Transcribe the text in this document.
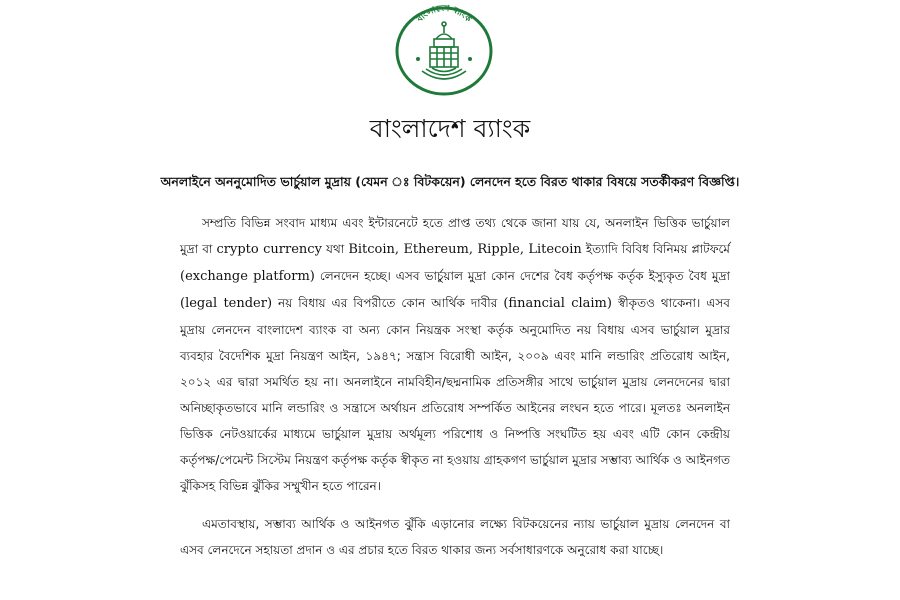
বাংলাদেশ ব্যাংক
বাংলাদেশ ব্যাংক

অনলাইনে অননুমোদিত ভার্চুয়াল মুদ্রায় (যেমন ঃ বিটকয়েন) লেনদেন হতে বিরত থাকার বিষয়ে সতর্কীকরণ বিজ্ঞপ্তি।

সম্প্রতি বিভিন্ন সংবাদ মাধ্যম এবং ইন্টারনেটে হতে প্রাপ্ত তথ্য থেকে জানা যায় যে, অনলাইন ভিত্তিক ভার্চুয়াল মুদ্রা বা crypto currency যথা Bitcoin, Ethereum, Ripple, Litecoin ইত্যাদি বিবিধ বিনিময় প্লাটফর্মে (exchange platform) লেনদেন হচ্ছে। এসব ভার্চুয়াল মুদ্রা কোন দেশের বৈধ কর্তৃপক্ষ কর্তৃক ইস্যুকৃত বৈধ মুদ্রা (legal tender) নয় বিধায় এর বিপরীতে কোন আর্থিক দাবীর (financial claim) স্বীকৃতও থাকেনা। এসব মুদ্রায় লেনদেন বাংলাদেশ ব্যাংক বা অন্য কোন নিয়ন্ত্রক সংস্থা কর্তৃক অনুমোদিত নয় বিধায় এসব ভার্চুয়াল মুদ্রার ব্যবহার বৈদেশিক মুদ্রা নিয়ন্ত্রণ আইন, ১৯৪৭; সন্ত্রাস বিরোধী আইন, ২০০৯ এবং মানি লন্ডারিং প্রতিরোধ আইন, ২০১২ এর দ্বারা সমর্থিত হয় না। অনলাইনে নামবিহীন/ছদ্মনামিক প্রতিসঙ্গীর সাথে ভার্চুয়াল মুদ্রায় লেনদেনের দ্বারা অনিচ্ছাকৃতভাবে মানি লন্ডারিং ও সন্ত্রাসে অর্থায়ন প্রতিরোধ সম্পর্কিত আইনের লংঘন হতে পারে। মূলতঃ অনলাইন ভিত্তিক নেটওয়ার্কের মাধ্যমে ভার্চুয়াল মুদ্রায় অর্থমূল্য পরিশোধ ও নিষ্পত্তি সংঘটিত হয় এবং এটি কোন কেন্দ্রীয় কর্তৃপক্ষ/পেমেন্ট সিস্টেম নিয়ন্ত্রণ কর্তৃপক্ষ কর্তৃক স্বীকৃত না হওয়ায় গ্রাহকগণ ভার্চুয়াল মুদ্রার সম্ভাব্য আর্থিক ও আইনগত ঝুঁকিসহ বিভিন্ন ঝুঁকির সম্মুখীন হতে পারেন।

এমতাবস্থায়, সম্ভাব্য আর্থিক ও আইনগত ঝুঁকি এড়ানোর লক্ষ্যে বিটকয়েনের ন্যায় ভার্চুয়াল মুদ্রায় লেনদেন বা এসব লেনদেনে সহায়তা প্রদান ও এর প্রচার হতে বিরত থাকার জন্য সর্বসাধারণকে অনুরোধ করা যাচ্ছে।
